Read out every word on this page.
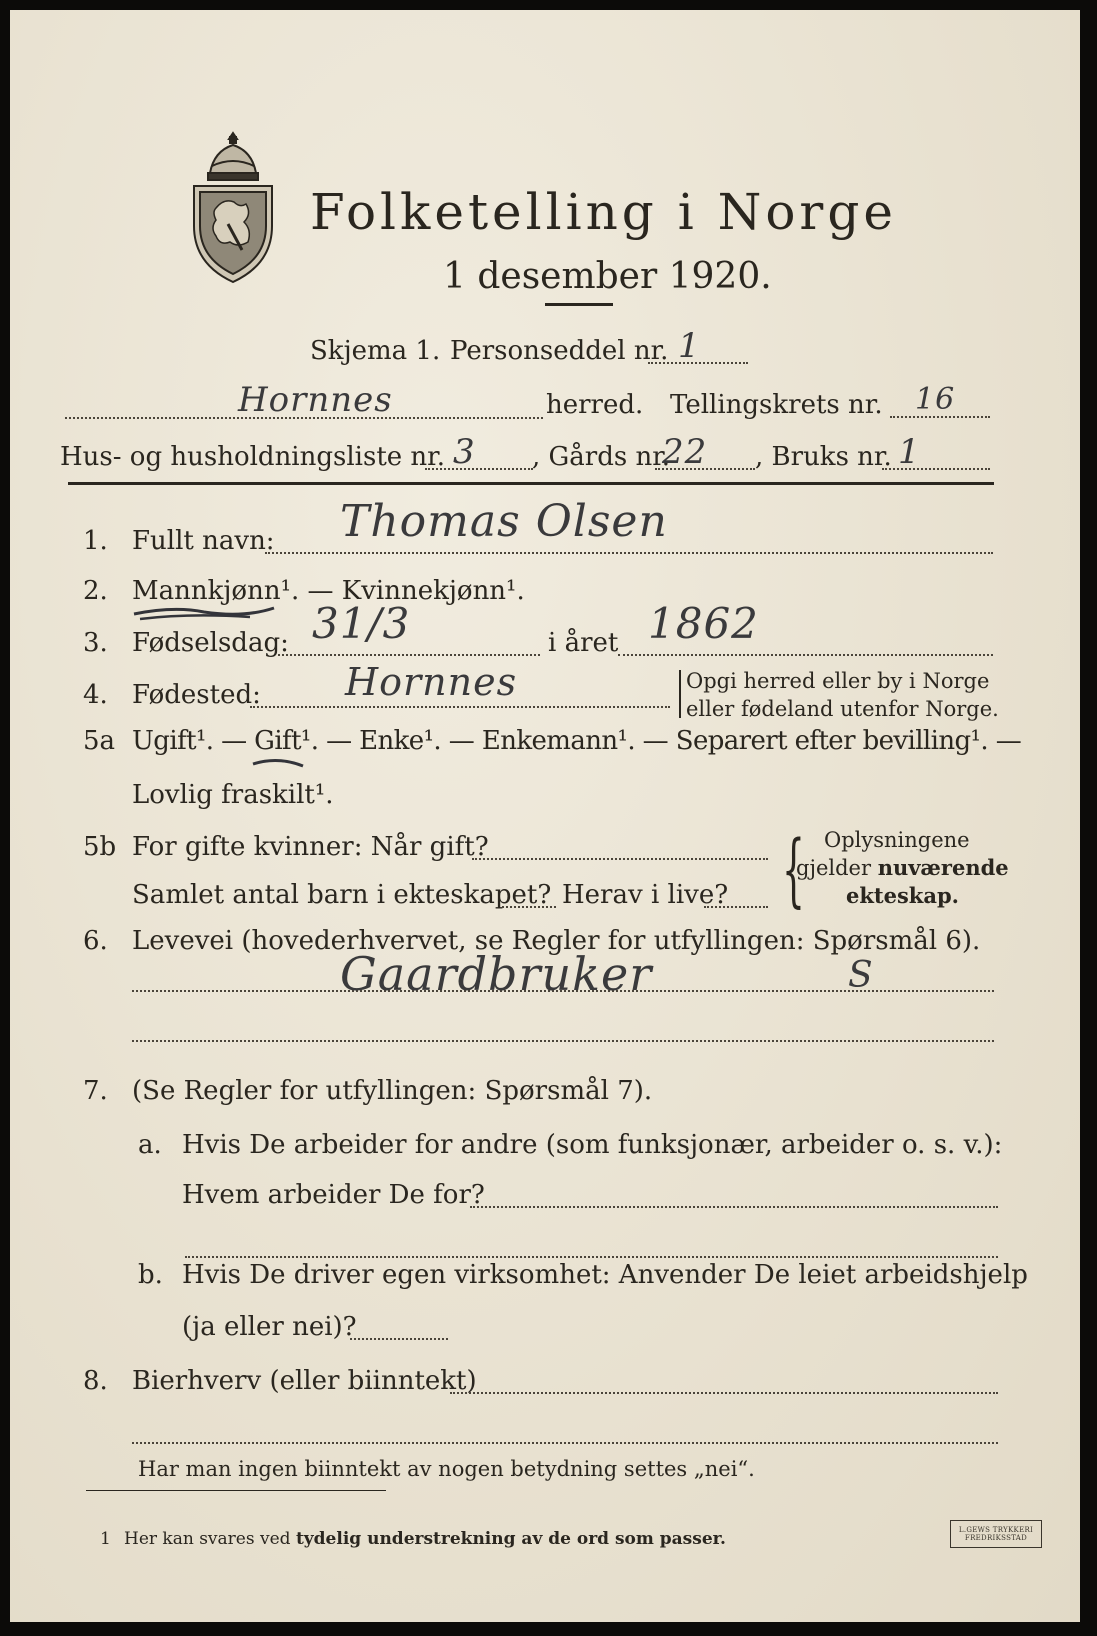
Folketelling i Norge
1 desember 1920.
Skjema 1. Personseddel nr. 1
Hornnes	herred. Tellingskrets nr. 16
Hus- og husholdningsliste nr. 3 , Gårds nr.
22 , Bruks nr. 1
1. Fullt navn: Thomas Olsen
2. Mannkjønn¹. — Kvinnekjønn¹.
3. Fødselsdag: 31/3	i året 1862
4. Fødested: Hornnes	Opgi herred eller by i Norge
eller fødeland utenfor Norge.
5a Ugift¹. — Gift¹. — Enke¹. — Enkemann¹. — Separert efter bevilling¹. —
Lovlig fraskilt¹.
5b For gifte kvinner: Når gift?
Samlet antal barn i ekteskapet? Herav i live? { Oplysningene
gjelder nuværende
ekteskap.
6. Levevei (hovederhvervet, se Regler for utfyllingen: Spørsmål 6).
Gaardbruker	S
7. (Se Regler for utfyllingen: Spørsmål 7).
a. Hvis De arbeider for andre (som funksjonær, arbeider o. s. v.):
Hvem arbeider De for?
b. Hvis De driver egen virksomhet: Anvender De leiet arbeidshjelp
(ja eller nei)?
8. Bierhverv (eller biinntekt)
Har man ingen biinntekt av nogen betydning settes „nei“.
1 Her kan svares ved tydelig understrekning av de ord som passer.	L.GEWS TRYKKERI
FREDRIKSSTAD
